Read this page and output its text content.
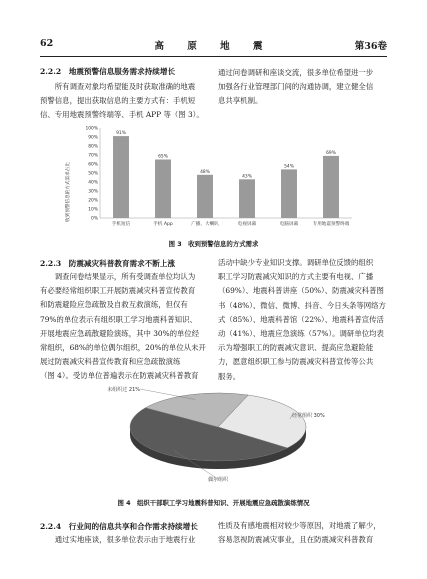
62	高 原 地 震	第36卷
2.2.2　地震预警信息服务需求持续增长
　　所有调查对象均希望能及时获取准确的地震
预警信息，提出获取信息的主要方式有：手机短
信、专用地震预警终端等、手机 APP 等（图 3）。
通过问卷调研和座谈交流，很多单位希望进一步
加强各行业管理部门间的沟通协调，建立健全信
息共享机制。
0%
10%
20%
30%
40%
50%
60%
70%
80%
90%
100%
91%
手机短信
65%
手机 App
48%
广播、大喇叭
43%
电视屏幕
54%
电脑屏幕
69%
专用地震预警终端
收到预警信息的方式需求占比
图 3　收到预警信息的方式需求
2.2.3　防震减灾科普教育需求不断上涨
　　调查问卷结果显示，所有受调查单位均认为
有必要经常组织职工开展防震减灾科普宣传教育
和防震避险应急疏散及自救互救演练，但仅有
79%的单位表示有组织职工学习地震科普知识、
开展地震应急疏散避险演练，其中 30%的单位经
常组织，68%的单位偶尔组织，20%的单位从未开
展过防震减灾科普宣传教育和应急疏散演练
（图 4）。受访单位普遍表示在防震减灾科普教育
活动中缺少专业知识支撑。调研单位反馈的组织
职工学习防震减灾知识的方式主要有电视、广播
（69%）、地震科普讲座（50%）、防震减灾科普图
书（48%）、微信、微博、抖音、今日头条等网络方
式（85%）、地震科普馆（22%）、地震科普宣传活
动（41%）、地震应急演练（57%）。调研单位均表
示为增强职工的防震减灾意识、提高应急避险能
力，愿意组织职工参与防震减灾科普宣传等公共
服务。
经常组织 30%
偶尔组织
未组织过 21%
图 4　组织干部职工学习地震科普知识、开展地震应急疏散演练情况
2.2.4　行业间的信息共享和合作需求持续增长
　　通过实地座谈，很多单位表示由于地震行业
性质及有感地震相对较少等原因，对地震了解少，
容易忽视防震减灾事业，且在防震减灾科普教育
